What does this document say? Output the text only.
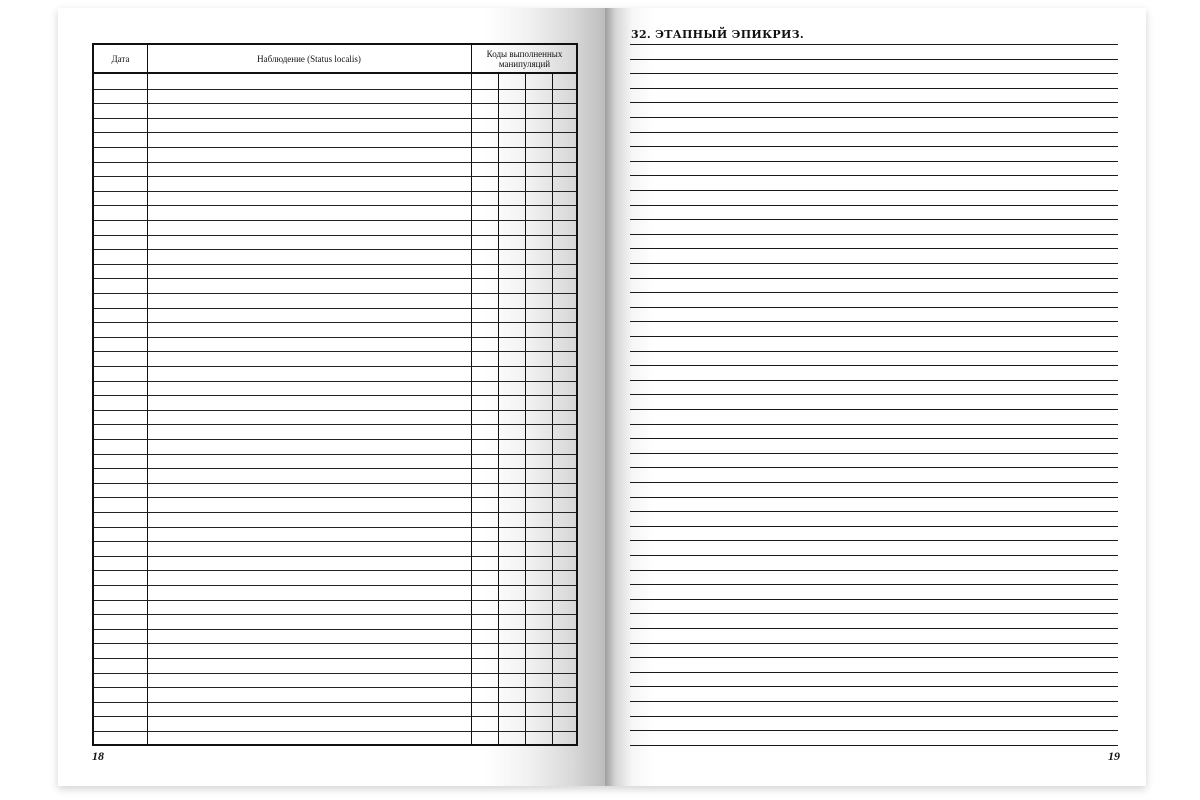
Дата	Наблюдение (Status localis)	Коды выполненных манипуляций
18
32. ЭТАПНЫЙ ЭПИКРИЗ.
19
